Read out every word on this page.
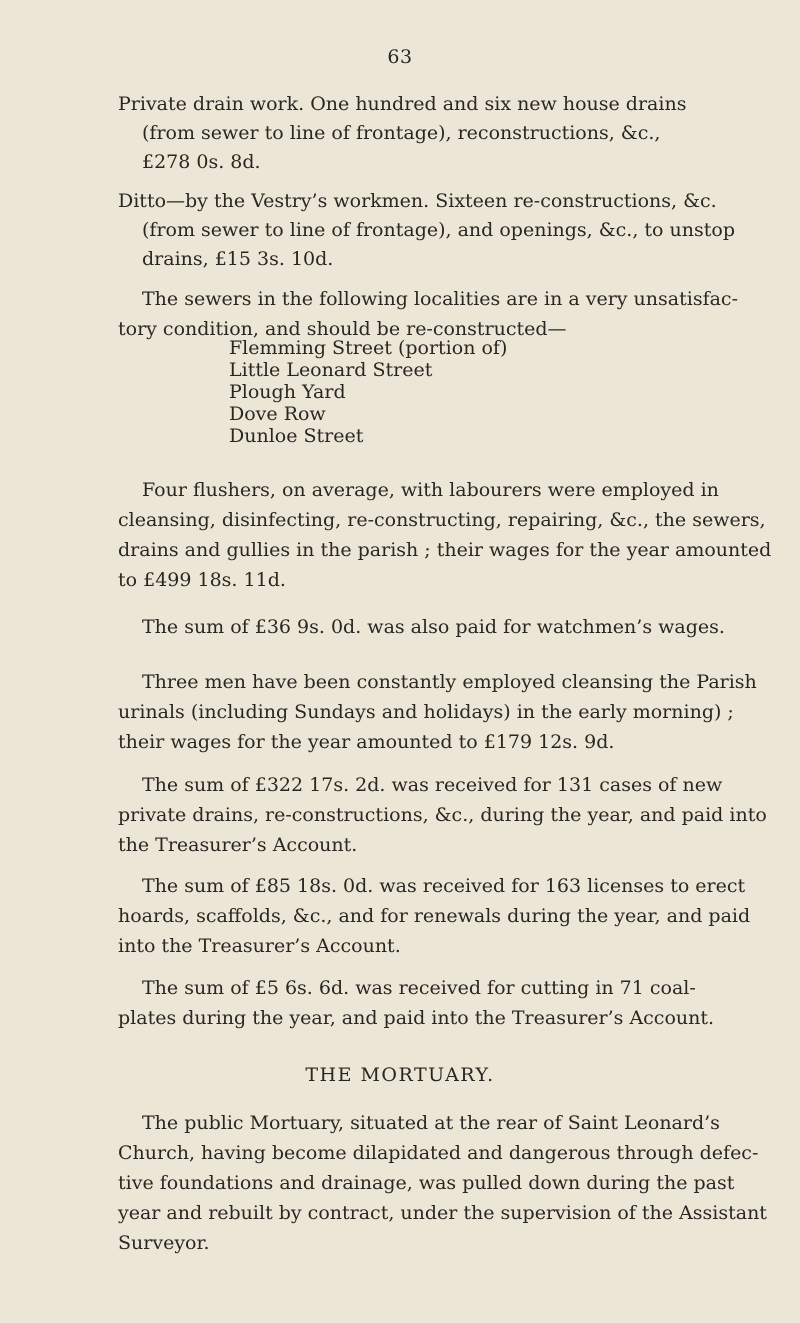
63
Private drain work. One hundred and six new house drains
(from sewer to line of frontage), reconstructions, &c.,
£278 0s. 8d.
Ditto—by the Vestry’s workmen. Sixteen re-constructions, &c.
(from sewer to line of frontage), and openings, &c., to unstop
drains, £15 3s. 10d.
The sewers in the following localities are in a very unsatisfac-
tory condition, and should be re-constructed—
Flemming Street (portion of)
Little Leonard Street
Plough Yard
Dove Row
Dunloe Street
Four flushers, on average, with labourers were employed in
cleansing, disinfecting, re-constructing, repairing, &c., the sewers,
drains and gullies in the parish ; their wages for the year amounted
to £499 18s. 11d.
The sum of £36 9s. 0d. was also paid for watchmen’s wages.
Three men have been constantly employed cleansing the Parish
urinals (including Sundays and holidays) in the early morning) ;
their wages for the year amounted to £179 12s. 9d.
The sum of £322 17s. 2d. was received for 131 cases of new
private drains, re-constructions, &c., during the year, and paid into
the Treasurer’s Account.
The sum of £85 18s. 0d. was received for 163 licenses to erect
hoards, scaffolds, &c., and for renewals during the year, and paid
into the Treasurer’s Account.
The sum of £5 6s. 6d. was received for cutting in 71 coal-
plates during the year, and paid into the Treasurer’s Account.
THE MORTUARY.
The public Mortuary, situated at the rear of Saint Leonard’s
Church, having become dilapidated and dangerous through defec-
tive foundations and drainage, was pulled down during the past
year and rebuilt by contract, under the supervision of the Assistant
Surveyor.
